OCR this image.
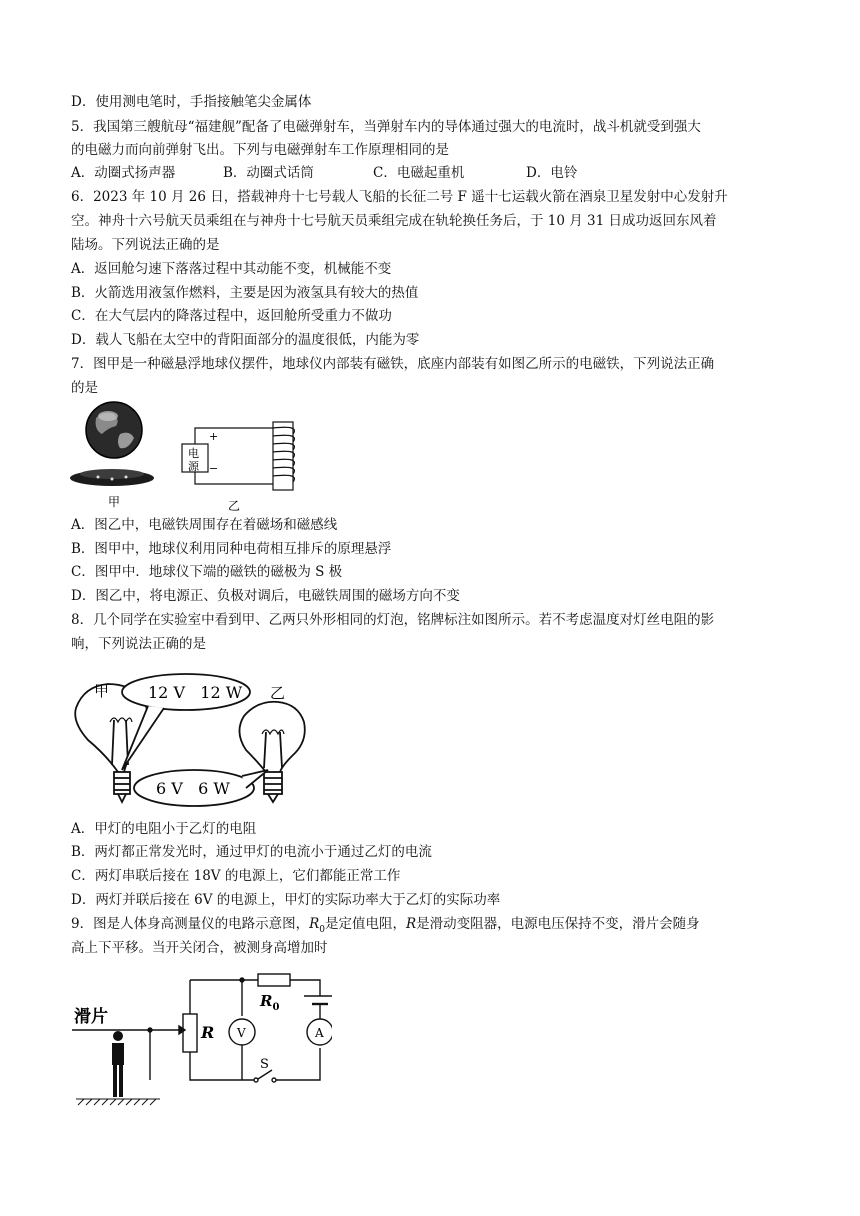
D．使用测电笔时，手指接触笔尖金属体
5．我国第三艘航母“福建舰”配备了电磁弹射车，当弹射车内的导体通过强大的电流时，战斗机就受到强大
的电磁力而向前弹射飞出。下列与电磁弹射车工作原理相同的是
A．动圈式扬声器	B．动圈式话筒	C．电磁起重机	D．电铃
6．2023 年 10 月 26 日，搭载神舟十七号载人飞船的长征二号 F 遥十七运载火箭在酒泉卫星发射中心发射升
空。神舟十六号航天员乘组在与神舟十七号航天员乘组完成在轨轮换任务后，于 10 月 31 日成功返回东风着
陆场。下列说法正确的是
A．返回舱匀速下落落过程中其动能不变，机械能不变
B．火箭选用液氢作燃料，主要是因为液氢具有较大的热值
C．在大气层内的降落过程中，返回舱所受重力不做功
D．载人飞船在太空中的背阳面部分的温度很低，内能为零
7．图甲是一种磁悬浮地球仪摆件，地球仪内部装有磁铁，底座内部装有如图乙所示的电磁铁，下列说法正确
的是
甲
电
源
+
−
乙
A．图乙中，电磁铁周围存在着磁场和磁感线
B．图甲中，地球仪利用同种电荷相互排斥的原理悬浮
C．图甲中．地球仪下端的磁铁的磁极为 S 极
D．图乙中，将电源正、负极对调后，电磁铁周围的磁场方向不变
8．几个同学在实验室中看到甲、乙两只外形相同的灯泡，铭牌标注如图所示。若不考虑温度对灯丝电阻的影
响，下列说法正确的是
甲	乙
12 V   12 W
6 V   6 W
A．甲灯的电阻小于乙灯的电阻
B．两灯都正常发光时，通过甲灯的电流小于通过乙灯的电流
C．两灯串联后接在 18V 的电源上，它们都能正常工作
D．两灯并联后接在 6V 的电源上，甲灯的实际功率大于乙灯的实际功率
9．图是人体身高测量仪的电路示意图，$R_0$是定值电阻，R是滑动变阻器，电源电压保持不变，滑片会随身
高上下平移。当开关闭合，被测身高增加时
滑片
R
$R_0$
V	A
S
